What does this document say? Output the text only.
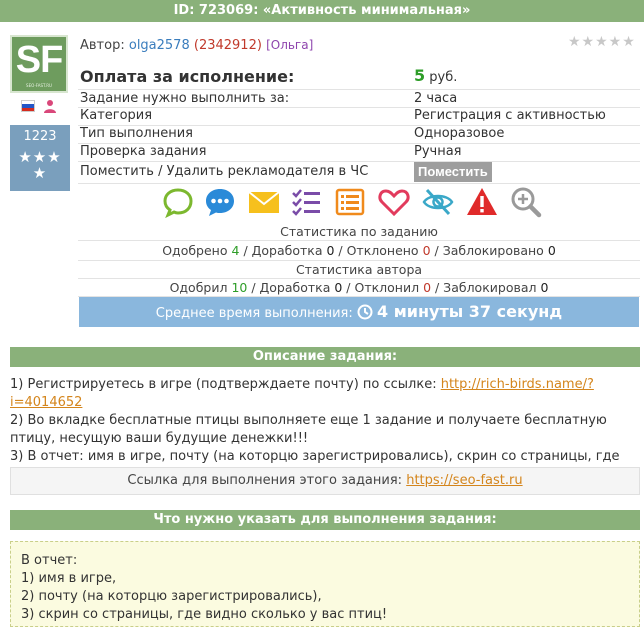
ID: 723069: «Активность минимальная»
SF
SEO-FAST.RU
1223
★★★
★
Автор: olga2578 (2342912) [Ольга]	★★★★★
Оплата за исполнение:	5 руб.
Задание нужно выполнить за:	2 часа
Категория	Регистрация с активностью
Тип выполнения	Одноразовое
Проверка задания	Ручная
Поместить / Удалить рекламодателя в ЧС	Поместить
Статистика по заданию
Одобрено 4 / Доработка 0 / Отклонено 0 / Заблокировано 0
Статистика автора
Одобрил 10 / Доработка 0 / Отклонил 0 / Заблокировал 0
Среднее время выполнения: 4 минуты 37 секунд
Описание задания:

1) Регистрируетесь в игре (подтверждаете почту) по ссылке: http://rich-birds.name/?i=4014652

2) Во вкладке бесплатные птицы выполняете еще 1 задание и получаете бесплатную птицу, несущую ваши будущие денежки!!!

3) В отчет: имя в игре, почту (на которцю зарегистрировались), скрин со страницы, где

Ссылка для выполнения этого задания: https://seo-fast.ru
Что нужно указать для выполнения задания:
В отчет:
1) имя в игре,
2) почту (на которцю зарегистрировались),
3) скрин со страницы, где видно сколько у вас птиц!
